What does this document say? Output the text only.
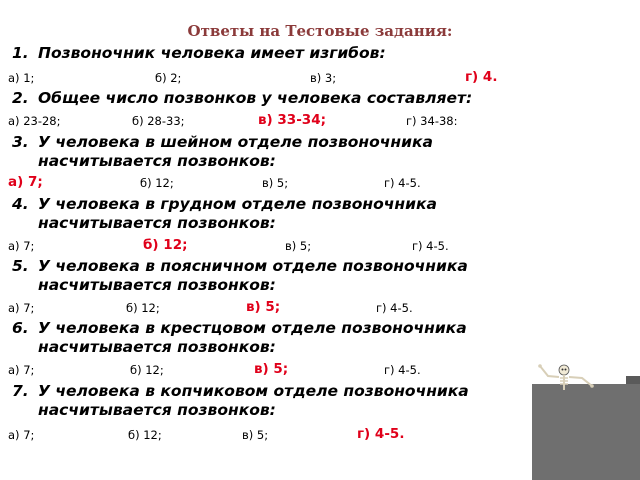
Ответы на Тестовые задания:
1. Позвоночник человека имеет изгибов:
а) 1;	б) 2;	в) 3;	г) 4.
2. Общее число позвонков у человека составляет:
а) 23-28;	б) 28-33;	в) 33-34;	г) 34-38:
3. У человека в шейном отделе позвоночника насчитывается позвонков:
а) 7;	б) 12;	в) 5;	г) 4-5.
4. У человека в грудном отделе позвоночника насчитывается позвонков:
а) 7;	б) 12;	в) 5;	г) 4-5.
5. У человека в поясничном отделе позвоночника насчитывается позвонков:
а) 7;	б) 12;	в) 5;	г) 4-5.
6. У человека в крестцовом отделе позвоночника насчитывается позвонков:
а) 7;	б) 12;	в) 5;	г) 4-5.
7. У человека в копчиковом отделе позвоночника насчитывается позвонков:
а) 7;	б) 12;	в) 5;	г) 4-5.
